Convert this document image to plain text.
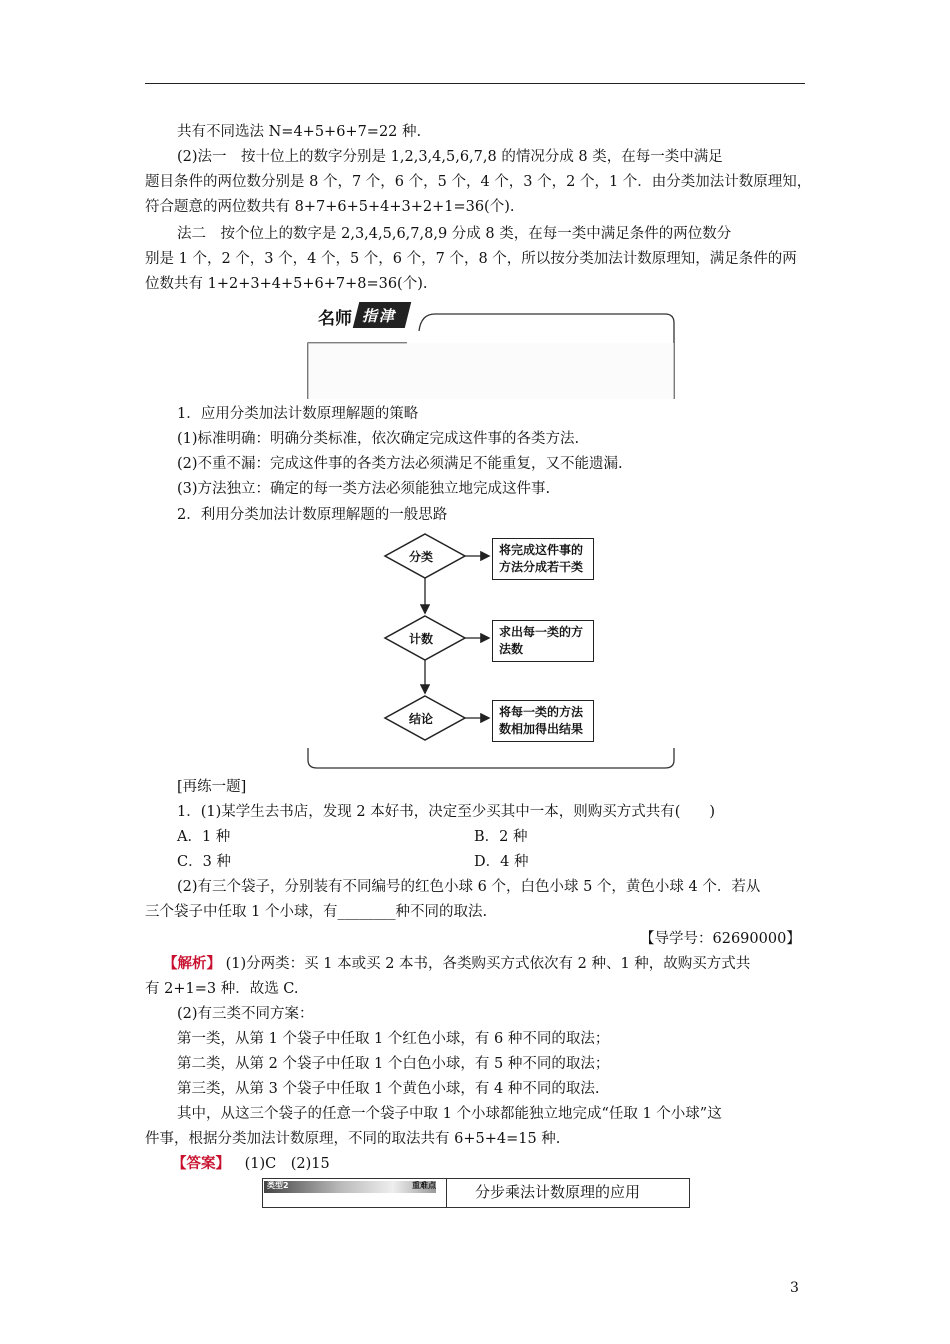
共有不同选法 N=4+5+6+7=22 种.
(2)法一　按十位上的数字分别是 1,2,3,4,5,6,7,8 的情况分成 8 类，在每一类中满足
题目条件的两位数分别是 8 个，7 个，6 个，5 个，4 个，3 个，2 个，1 个．由分类加法计数原理知，
符合题意的两位数共有 8+7+6+5+4+3+2+1=36(个).
法二　按个位上的数字是 2,3,4,5,6,7,8,9 分成 8 类，在每一类中满足条件的两位数分
别是 1 个，2 个，3 个，4 个，5 个，6 个，7 个，8 个，所以按分类加法计数原理知，满足条件的两
位数共有 1+2+3+4+5+6+7+8=36(个).
名师 指津
1．应用分类加法计数原理解题的策略
(1)标准明确：明确分类标准，依次确定完成这件事的各类方法.
(2)不重不漏：完成这件事的各类方法必须满足不能重复，又不能遗漏.
(3)方法独立：确定的每一类方法必须能独立地完成这件事.
2．利用分类加法计数原理解题的一般思路
分类
计数
结论
将完成这件事的
方法分成若干类
求出每一类的方
法数
将每一类的方法
数相加得出结果
[再练一题]
1．(1)某学生去书店，发现 2 本好书，决定至少买其中一本，则购买方式共有(　　)
A．1 种	B．2 种
C．3 种	D．4 种
(2)有三个袋子，分别装有不同编号的红色小球 6 个，白色小球 5 个，黄色小球 4 个．若从
三个袋子中任取 1 个小球，有________种不同的取法.
【导学号：62690000】
【解析】 (1)分两类：买 1 本或买 2 本书，各类购买方式依次有 2 种、1 种，故购买方式共
有 2+1=3 种．故选 C.
(2)有三类不同方案：
第一类，从第 1 个袋子中任取 1 个红色小球，有 6 种不同的取法；
第二类，从第 2 个袋子中任取 1 个白色小球，有 5 种不同的取法；
第三类，从第 3 个袋子中任取 1 个黄色小球，有 4 种不同的取法.
其中，从这三个袋子的任意一个袋子中取 1 个小球都能独立地完成“任取 1 个小球”这
件事，根据分类加法计数原理，不同的取法共有 6+5+4=15 种.
【答案】 (1)C　(2)15
类型2	重难点	分步乘法计数原理的应用
3
